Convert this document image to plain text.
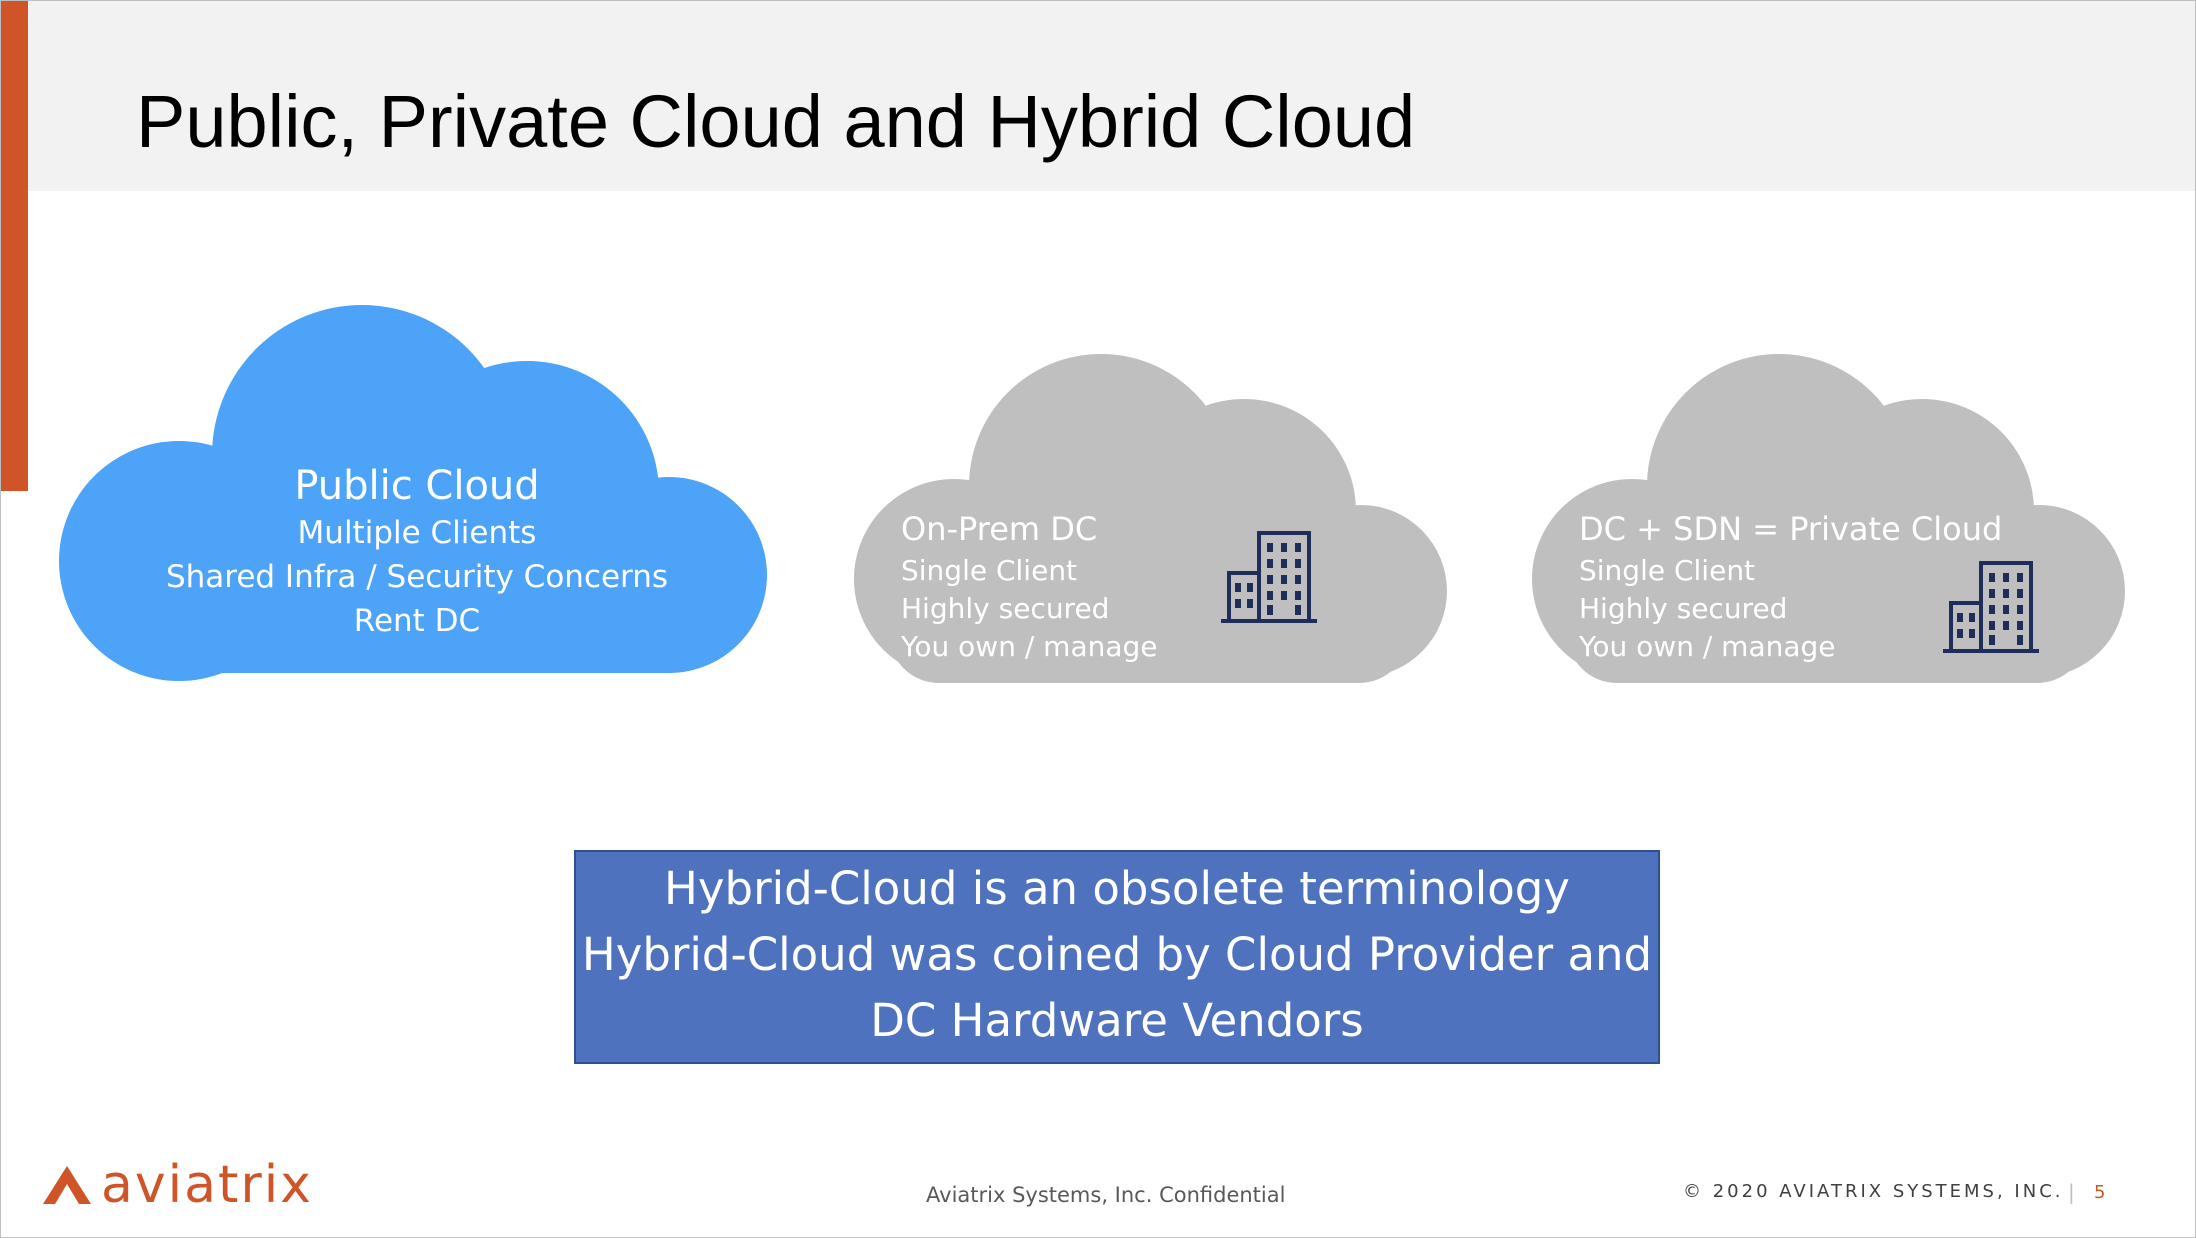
Public, Private Cloud and Hybrid Cloud
Public Cloud
Multiple Clients
Shared Infra / Security Concerns
Rent DC
On-Prem DC
Single Client
Highly secured
You own / manage
DC + SDN = Private Cloud
Single Client
Highly secured
You own / manage
Hybrid-Cloud is an obsolete terminology
Hybrid-Cloud was coined by Cloud Provider and
DC Hardware Vendors
aviatrix	Aviatrix Systems, Inc. Confidential	© 2020 AVIATRIX SYSTEMS, INC. | 5
